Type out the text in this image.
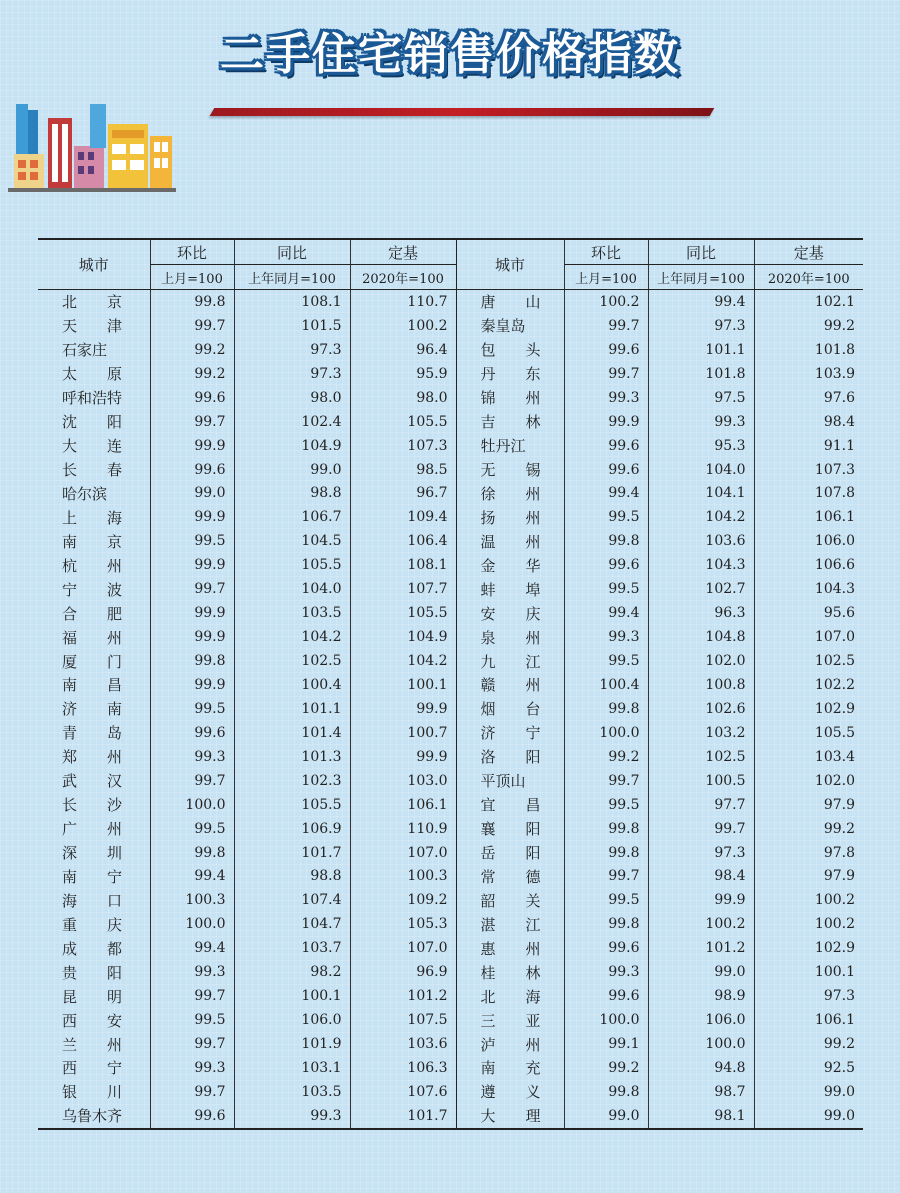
二手住宅销售价格指数
城市	环比	同比	定基	城市	环比	同比	定基
	上月=100	上年同月=100	2020年=100		上月=100	上年同月=100	2020年=100
北　　京	99.8	108.1	110.7	唐　　山	100.2	99.4	102.1
天　　津	99.7	101.5	100.2	秦皇岛	99.7	97.3	99.2
石家庄	99.2	97.3	96.4	包　　头	99.6	101.1	101.8
太　　原	99.2	97.3	95.9	丹　　东	99.7	101.8	103.9
呼和浩特	99.6	98.0	98.0	锦　　州	99.3	97.5	97.6
沈　　阳	99.7	102.4	105.5	吉　　林	99.9	99.3	98.4
大　　连	99.9	104.9	107.3	牡丹江	99.6	95.3	91.1
长　　春	99.6	99.0	98.5	无　　锡	99.6	104.0	107.3
哈尔滨	99.0	98.8	96.7	徐　　州	99.4	104.1	107.8
上　　海	99.9	106.7	109.4	扬　　州	99.5	104.2	106.1
南　　京	99.5	104.5	106.4	温　　州	99.8	103.6	106.0
杭　　州	99.9	105.5	108.1	金　　华	99.6	104.3	106.6
宁　　波	99.7	104.0	107.7	蚌　　埠	99.5	102.7	104.3
合　　肥	99.9	103.5	105.5	安　　庆	99.4	96.3	95.6
福　　州	99.9	104.2	104.9	泉　　州	99.3	104.8	107.0
厦　　门	99.8	102.5	104.2	九　　江	99.5	102.0	102.5
南　　昌	99.9	100.4	100.1	赣　　州	100.4	100.8	102.2
济　　南	99.5	101.1	99.9	烟　　台	99.8	102.6	102.9
青　　岛	99.6	101.4	100.7	济　　宁	100.0	103.2	105.5
郑　　州	99.3	101.3	99.9	洛　　阳	99.2	102.5	103.4
武　　汉	99.7	102.3	103.0	平顶山	99.7	100.5	102.0
长　　沙	100.0	105.5	106.1	宜　　昌	99.5	97.7	97.9
广　　州	99.5	106.9	110.9	襄　　阳	99.8	99.7	99.2
深　　圳	99.8	101.7	107.0	岳　　阳	99.8	97.3	97.8
南　　宁	99.4	98.8	100.3	常　　德	99.7	98.4	97.9
海　　口	100.3	107.4	109.2	韶　　关	99.5	99.9	100.2
重　　庆	100.0	104.7	105.3	湛　　江	99.8	100.2	100.2
成　　都	99.4	103.7	107.0	惠　　州	99.6	101.2	102.9
贵　　阳	99.3	98.2	96.9	桂　　林	99.3	99.0	100.1
昆　　明	99.7	100.1	101.2	北　　海	99.6	98.9	97.3
西　　安	99.5	106.0	107.5	三　　亚	100.0	106.0	106.1
兰　　州	99.7	101.9	103.6	泸　　州	99.1	100.0	99.2
西　　宁	99.3	103.1	106.3	南　　充	99.2	94.8	92.5
银　　川	99.7	103.5	107.6	遵　　义	99.8	98.7	99.0
乌鲁木齐	99.6	99.3	101.7	大　　理	99.0	98.1	99.0
